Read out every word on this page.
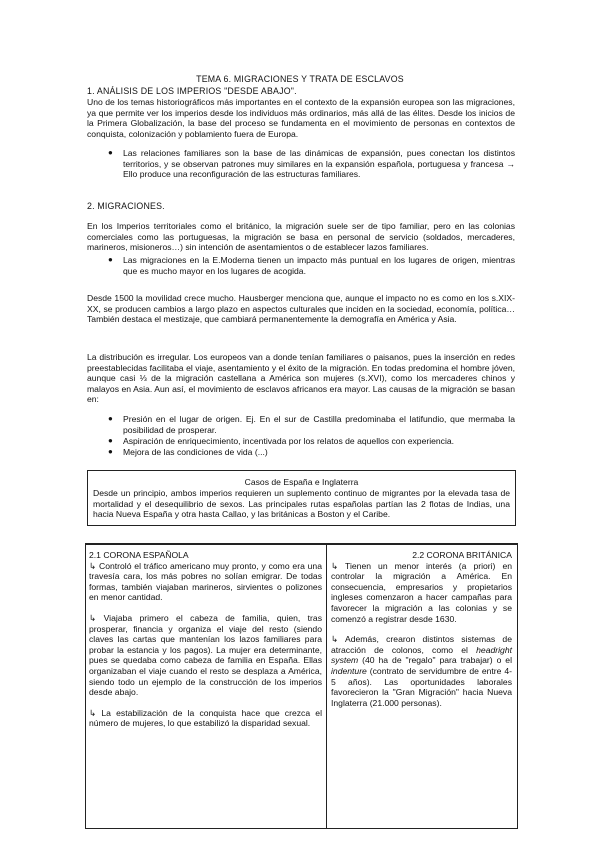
TEMA 6. MIGRACIONES Y TRATA DE ESCLAVOS
1. ANÁLISIS DE LOS IMPERIOS "DESDE ABAJO".
Uno de los temas historiográficos más importantes en el contexto de la expansión europea son las migraciones, ya que permite ver los imperios desde los individuos más ordinarios, más allá de las élites. Desde los inicios de la Primera Globalización, la base del proceso se fundamenta en el movimiento de personas en contextos de conquista, colonización y poblamiento fuera de Europa.
● Las relaciones familiares son la base de las dinámicas de expansión, pues conectan los distintos territorios, y se observan patrones muy similares en la expansión española, portuguesa y francesa → Ello produce una reconfiguración de las estructuras familiares.
2. MIGRACIONES.
En los Imperios territoriales como el británico, la migración suele ser de tipo familiar, pero en las colonias comerciales como las portuguesas, la migración se basa en personal de servicio (soldados, mercaderes, marineros, misioneros…) sin intención de asentamientos o de establecer lazos familiares.
● Las migraciones en la E.Moderna tienen un impacto más puntual en los lugares de origen, mientras que es mucho mayor en los lugares de acogida.
Desde 1500 la movilidad crece mucho. Hausberger menciona que, aunque el impacto no es como en los s.XIX-XX, se producen cambios a largo plazo en aspectos culturales que inciden en la sociedad, economía, política… También destaca el mestizaje, que cambiará permanentemente la demografía en América y Asia.
La distribución es irregular. Los europeos van a donde tenían familiares o paisanos, pues la inserción en redes preestablecidas facilitaba el viaje, asentamiento y el éxito de la migración. En todas predomina el hombre jóven, aunque casi ⅓ de la migración castellana a América son mujeres (s.XVI), como los mercaderes chinos y malayos en Asia. Aun así, el movimiento de esclavos africanos era mayor. Las causas de la migración se basan en:
● Presión en el lugar de origen. Ej. En el sur de Castilla predominaba el latifundio, que mermaba la posibilidad de prosperar.
● Aspiración de enriquecimiento, incentivada por los relatos de aquellos con experiencia.
● Mejora de las condiciones de vida (...)
Casos de España e Inglaterra
Desde un principio, ambos imperios requieren un suplemento continuo de migrantes por la elevada tasa de mortalidad y el desequilibrio de sexos. Las principales rutas españolas partían las 2 flotas de Indias, una hacia Nueva España y otra hasta Callao, y las británicas a Boston y el Caribe.

2.1 CORONA ESPAÑOLA

↳ Controló el tráfico americano muy pronto, y como era una travesía cara, los más pobres no solían emigrar. De todas formas, también viajaban marineros, sirvientes o polizones en menor cantidad.

↳ Viajaba primero el cabeza de familia, quien, tras prosperar, financia y organiza el viaje del resto (siendo claves las cartas que mantenían los lazos familiares para probar la estancia y los pagos). La mujer era determinante, pues se quedaba como cabeza de familia en España. Ellas organizaban el viaje cuando el resto se desplaza a América, siendo todo un ejemplo de la construcción de los imperios desde abajo.

↳ La estabilización de la conquista hace que crezca el número de mujeres, lo que estabilizó la disparidad sexual.

2.2 CORONA BRITÁNICA

↳ Tienen un menor interés (a priori) en controlar la migración a América. En consecuencia, empresarios y propietarios ingleses comenzaron a hacer campañas para favorecer la migración a las colonias y se comenzó a registrar desde 1630.

↳ Además, crearon distintos sistemas de atracción de colonos, como el headright system (40 ha de "regalo" para trabajar) o el indenture (contrato de servidumbre de entre 4-5 años). Las oportunidades laborales favorecieron la "Gran Migración" hacia Nueva Inglaterra (21.000 personas).
